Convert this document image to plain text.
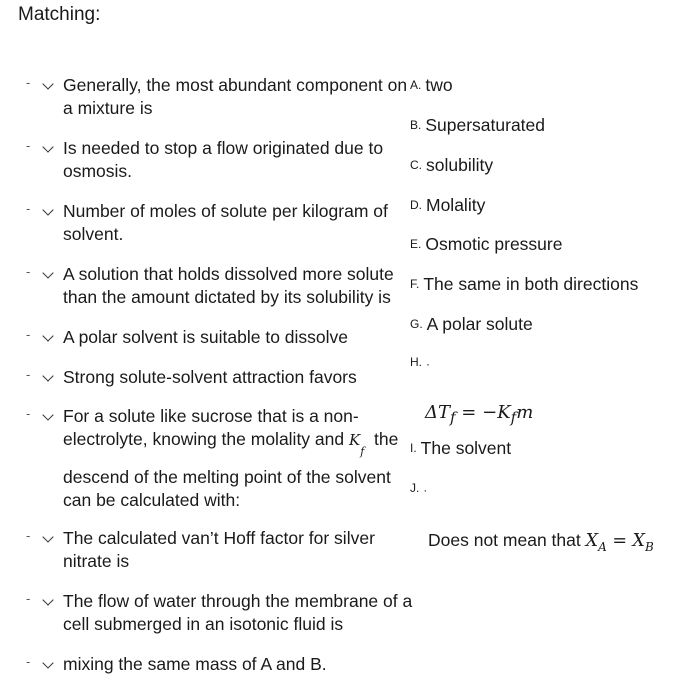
Matching:
- Generally, the most abundant component on a mixture is
- Is needed to stop a flow originated due to osmosis.
- Number of moles of solute per kilogram of solvent.
- A solution that holds dissolved more solute than the amount dictated by its solubility is
- A polar solvent is suitable to dissolve
- Strong solute-solvent attraction favors
- For a solute like sucrose that is a non-electrolyte, knowing the molality and $K_f$  the
descend of the melting point of the solvent can be calculated with:
- The calculated van’t Hoff factor for silver nitrate is
- The flow of water through the membrane of a cell submerged in an isotonic fluid is
- mixing the same mass of A and B.
A. two
B. Supersaturated
C. solubility
D. Molality
E. Osmotic pressure
F. The same in both directions
G. A polar solute
H. ·
$\Delta T_f = -K_fm$
I. The solvent
J. ·
Does not mean that $X_A = X_B$
